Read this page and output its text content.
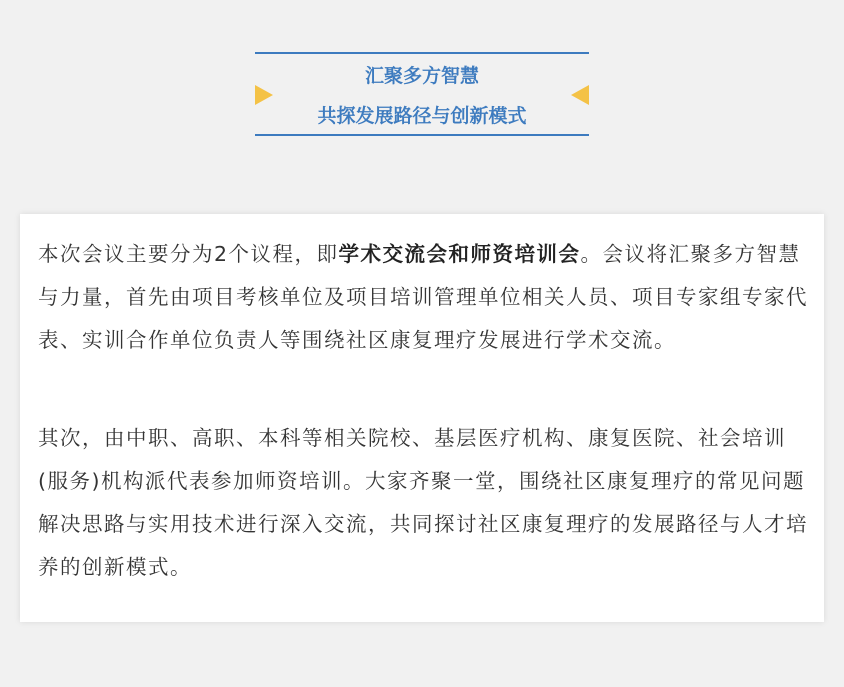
汇聚多方智慧
共探发展路径与创新模式

本次会议主要分为2个议程，即学术交流会和师资培训会。会议将汇聚多方智慧与力量，首先由项目考核单位及项目培训管理单位相关人员、项目专家组专家代表、实训合作单位负责人等围绕社区康复理疗发展进行学术交流。

其次，由中职、高职、本科等相关院校、基层医疗机构、康复医院、社会培训(服务)机构派代表参加师资培训。大家齐聚一堂，围绕社区康复理疗的常见问题解决思路与实用技术进行深入交流，共同探讨社区康复理疗的发展路径与人才培养的创新模式。
